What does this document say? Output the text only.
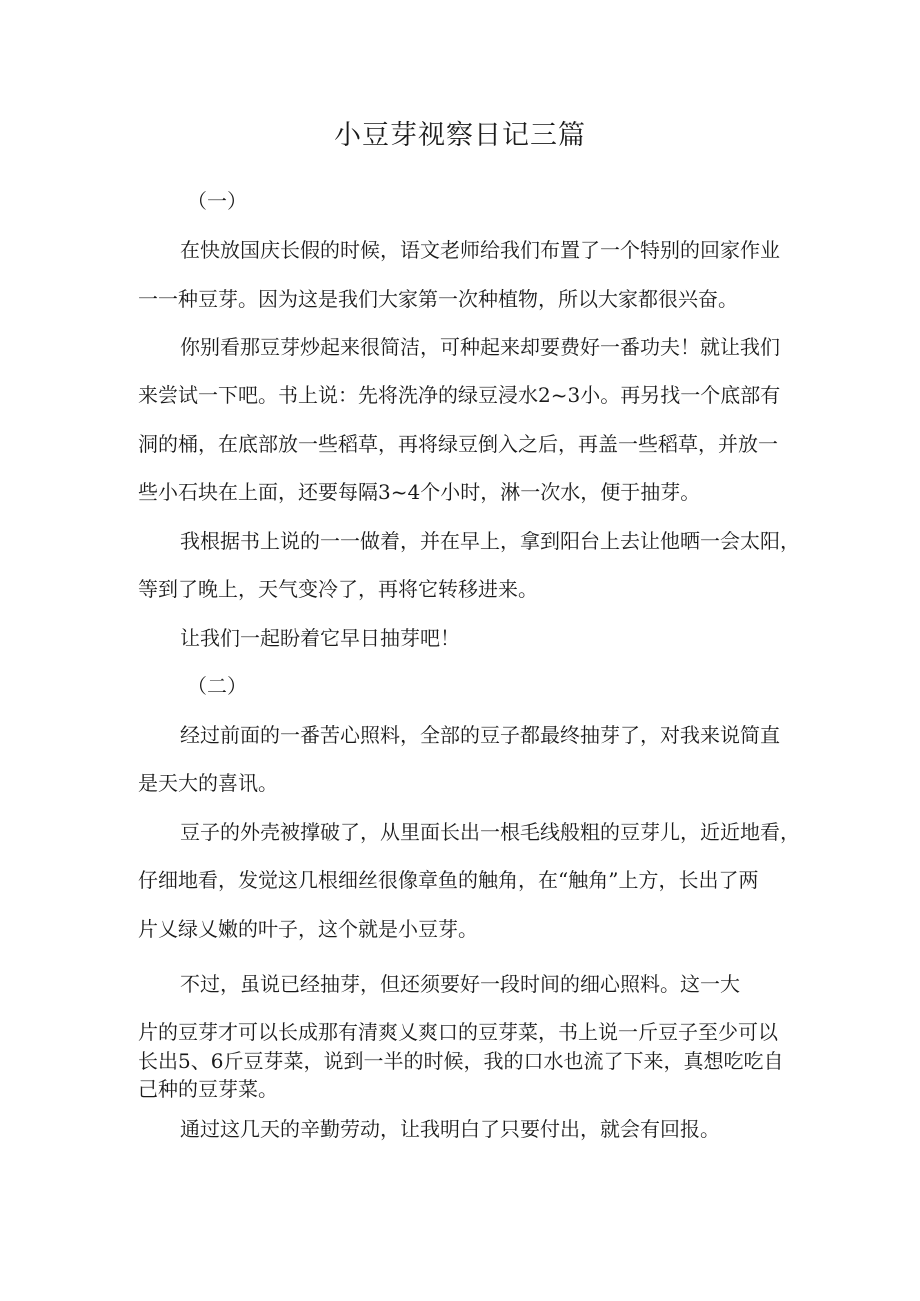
小豆芽视察日记三篇

（一）

在快放国庆长假的时候，语文老师给我们布置了一个特别的回家作业

一一种豆芽。因为这是我们大家第一次种植物，所以大家都很兴奋。

你别看那豆芽炒起来很简洁，可种起来却要费好一番功夫！就让我们

来尝试一下吧。书上说：先将洗净的绿豆浸水2~3小。再另找一个底部有

洞的桶，在底部放一些稻草，再将绿豆倒入之后，再盖一些稻草，并放一

些小石块在上面，还要每隔3~4个小时，淋一次水，便于抽芽。

我根据书上说的一一做着，并在早上，拿到阳台上去让他晒一会太阳，

等到了晚上，天气变冷了，再将它转移进来。

让我们一起盼着它早日抽芽吧！

（二）

经过前面的一番苦心照料，全部的豆子都最终抽芽了，对我来说简直

是天大的喜讯。

豆子的外壳被撑破了，从里面长出一根毛线般粗的豆芽儿，近近地看，

仔细地看，发觉这几根细丝很像章鱼的触角，在“触角”上方，长出了两

片乂绿乂嫩的叶子，这个就是小豆芽。

不过，虽说已经抽芽，但还须要好一段时间的细心照料。这一大

片的豆芽才可以长成那有清爽乂爽口的豆芽菜，书上说一斤豆子至少可以

长出5、6斤豆芽菜，说到一半的时候，我的口水也流了下来，真想吃吃自

己种的豆芽菜。

通过这几天的辛勤劳动，让我明白了只要付出，就会有回报。
